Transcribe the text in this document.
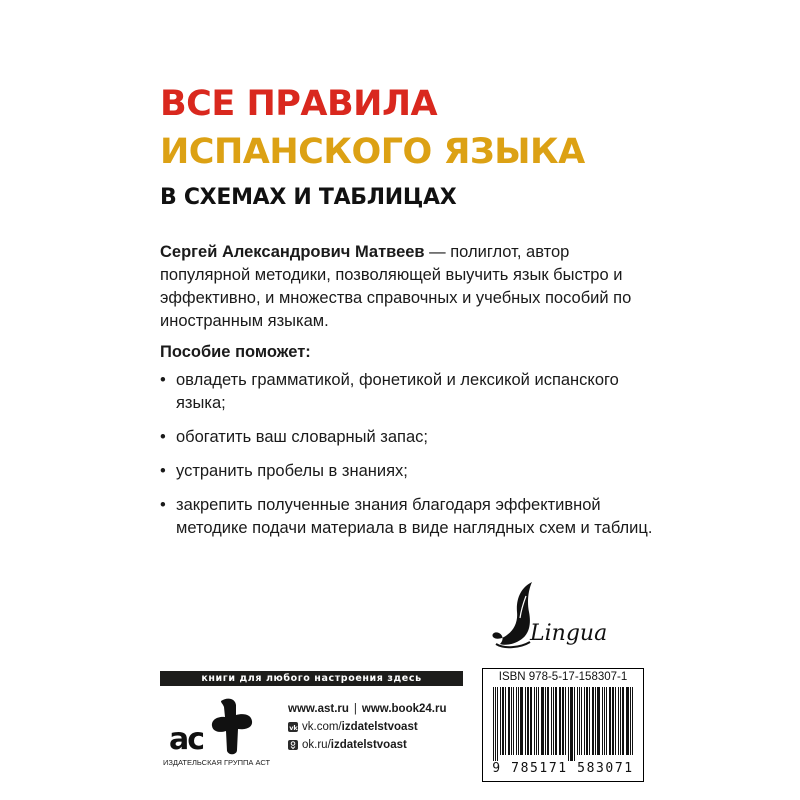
ВСЕ ПРАВИЛА
ИСПАНСКОГО ЯЗЫКА
В СХЕМАХ И ТАБЛИЦАХ
Сергей Александрович Матвеев — полиглот, автор популярной методики, позволяющей выучить язык быстро и эффективно, и множества справочных и учебных пособий по иностранным языкам.
Пособие поможет:
• овладеть грамматикой, фонетикой и лексикой испанского языка;
• обогатить ваш словарный запас;
• устранить пробелы в знаниях;
• закрепить полученные знания благодаря эффективной методике подачи материала в виде наглядных схем и таблиц.
Lingua
книги для любого настроения здесь
ac
ИЗДАТЕЛЬСКАЯ ГРУППА АСТ
www.ast.ru | www.book24.ru
vk vk.com/ izdatelstvoast
ok.ru/ izdatelstvoast
ISBN 978-5-17-158307-1
9 785171 583071
